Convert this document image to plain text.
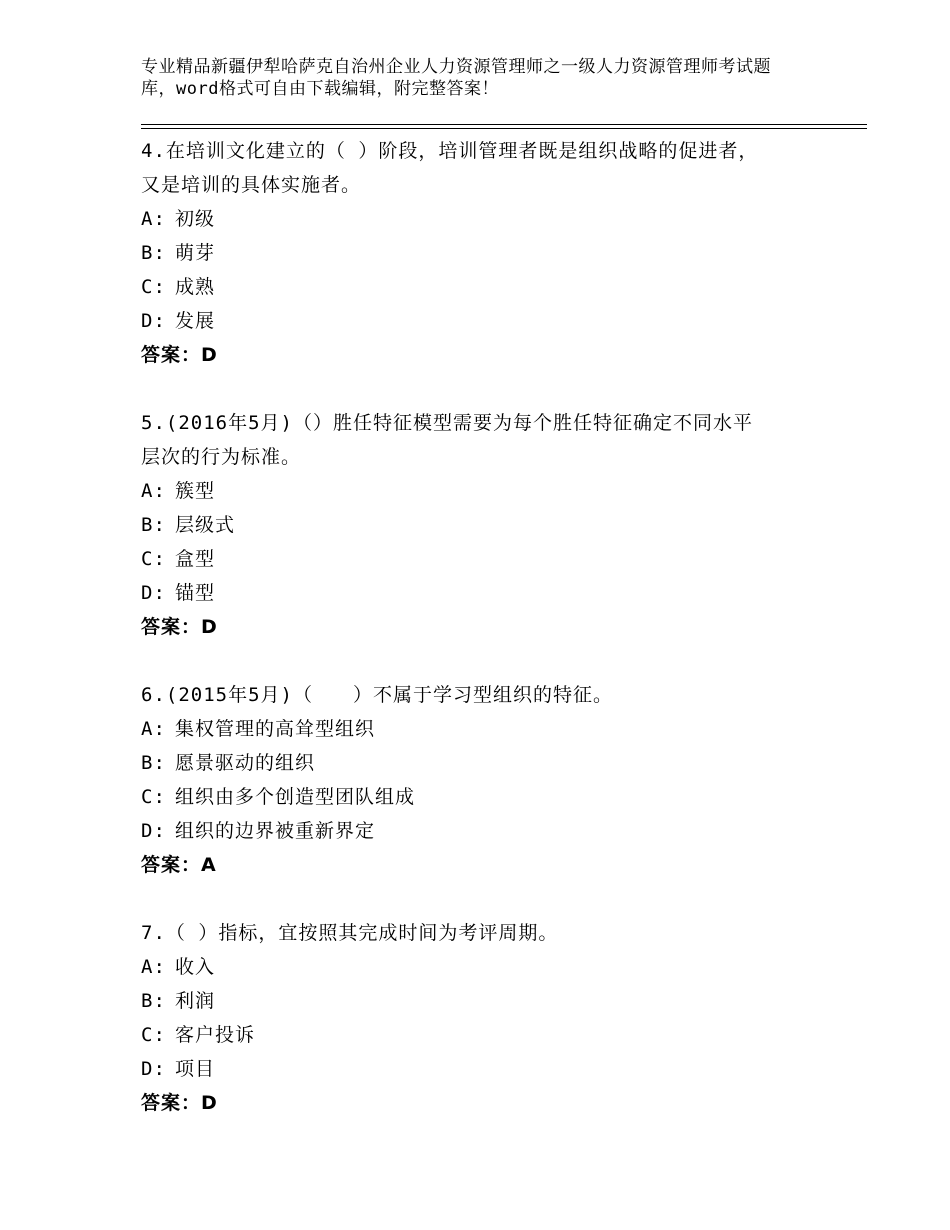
专业精品新疆伊犁哈萨克自治州企业人力资源管理师之一级人力资源管理师考试题
库，word格式可自由下载编辑，附完整答案！
4.在培训文化建立的（ ）阶段，培训管理者既是组织战略的促进者，
又是培训的具体实施者。
A: 初级
B: 萌芽
C: 成熟
D: 发展
答案：D
5.(2016年5月)（）胜任特征模型需要为每个胜任特征确定不同水平
层次的行为标准。
A: 簇型
B: 层级式
C: 盒型
D: 锚型
答案：D
6.(2015年5月)（　　）不属于学习型组织的特征。
A: 集权管理的高耸型组织
B: 愿景驱动的组织
C: 组织由多个创造型团队组成
D: 组织的边界被重新界定
答案：A
7.（ ）指标，宜按照其完成时间为考评周期。
A: 收入
B: 利润
C: 客户投诉
D: 项目
答案：D
